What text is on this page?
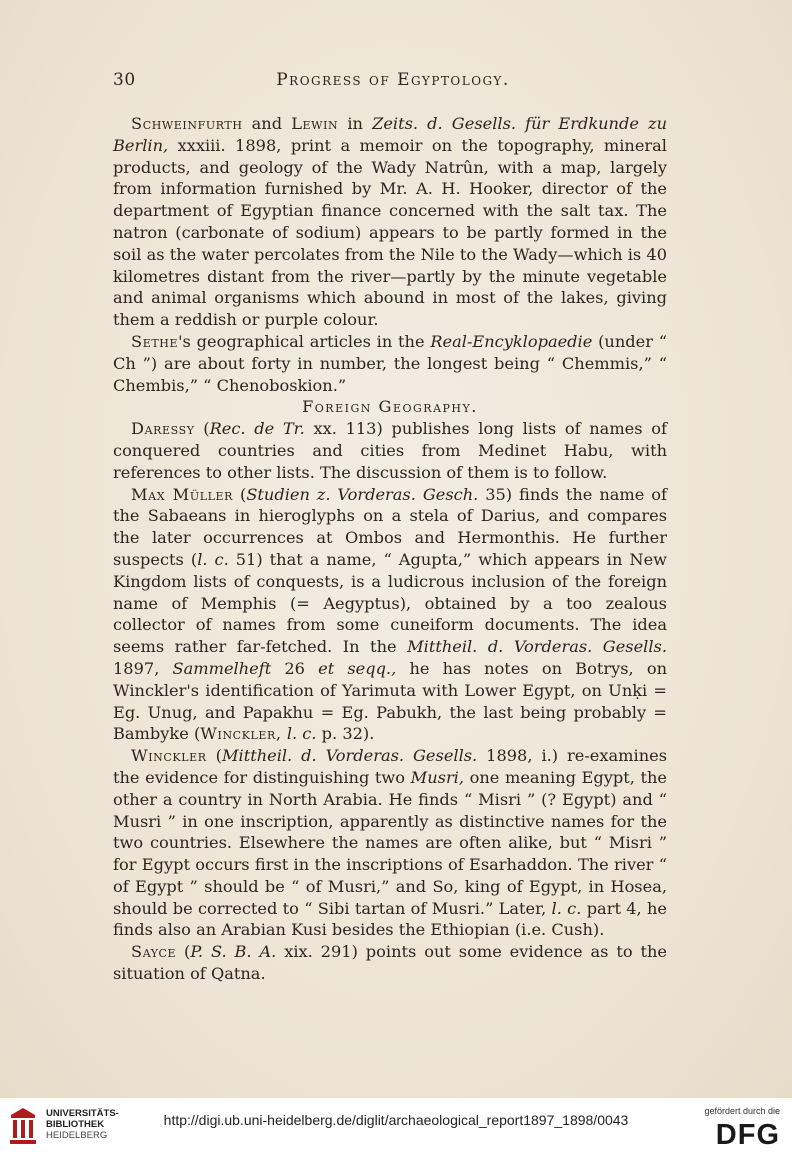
30	Progress of Egyptology.

Schweinfurth and Lewin in Zeits. d. Gesells. für Erdkunde zu Berlin, xxxiii. 1898, print a memoir on the topography, mineral products, and geology of the Wady Natrûn, with a map, largely from information furnished by Mr. A. H. Hooker, director of the department of Egyptian finance concerned with the salt tax. The natron (carbonate of sodium) appears to be partly formed in the soil as the water percolates from the Nile to the Wady—which is 40 kilometres distant from the river—partly by the minute vegetable and animal organisms which abound in most of the lakes, giving them a reddish or purple colour.

Sethe's geographical articles in the Real-Encyklopaedie (under “ Ch ”) are about forty in number, the longest being “ Chemmis,” “ Chembis,” “ Chenoboskion.”

Foreign Geography.

Daressy (Rec. de Tr. xx. 113) publishes long lists of names of conquered countries and cities from Medinet Habu, with references to other lists. The discussion of them is to follow.

Max Müller (Studien z. Vorderas. Gesch. 35) finds the name of the Sabaeans in hieroglyphs on a stela of Darius, and compares the later occurrences at Ombos and Hermonthis. He further suspects (l. c. 51) that a name, “ Agupta,” which appears in New Kingdom lists of conquests, is a ludicrous inclusion of the foreign name of Memphis (= Aegyptus), obtained by a too zealous collector of names from some cuneiform documents. The idea seems rather far-fetched. In the Mittheil. d. Vorderas. Gesells. 1897, Sammelheft 26 et seqq., he has notes on Botrys, on Winckler's identification of Yarimuta with Lower Egypt, on Unḳi = Eg. Unug, and Papakhu = Eg. Pabukh, the last being probably = Bambyke (Winckler, l. c. p. 32).

Winckler (Mittheil. d. Vorderas. Gesells. 1898, i.) re-examines the evidence for distinguishing two Musri, one meaning Egypt, the other a country in North Arabia. He finds “ Misri ” (? Egypt) and “ Musri ” in one inscription, apparently as distinctive names for the two countries. Elsewhere the names are often alike, but “ Misri ” for Egypt occurs first in the inscriptions of Esarhaddon. The river “ of Egypt ” should be “ of Musri,” and So, king of Egypt, in Hosea, should be corrected to “ Sibi tartan of Musri.” Later, l. c. part 4, he finds also an Arabian Kusi besides the Ethiopian (i.e. Cush).

Sayce (P. S. B. A. xix. 291) points out some evidence as to the situation of Qatna.

UNIVERSITÄTS-
BIBLIOTHEK
HEIDELBERG
http://digi.ub.uni-heidelberg.de/diglit/archaeological_report1897_1898/0043
gefördert durch die
DFG
